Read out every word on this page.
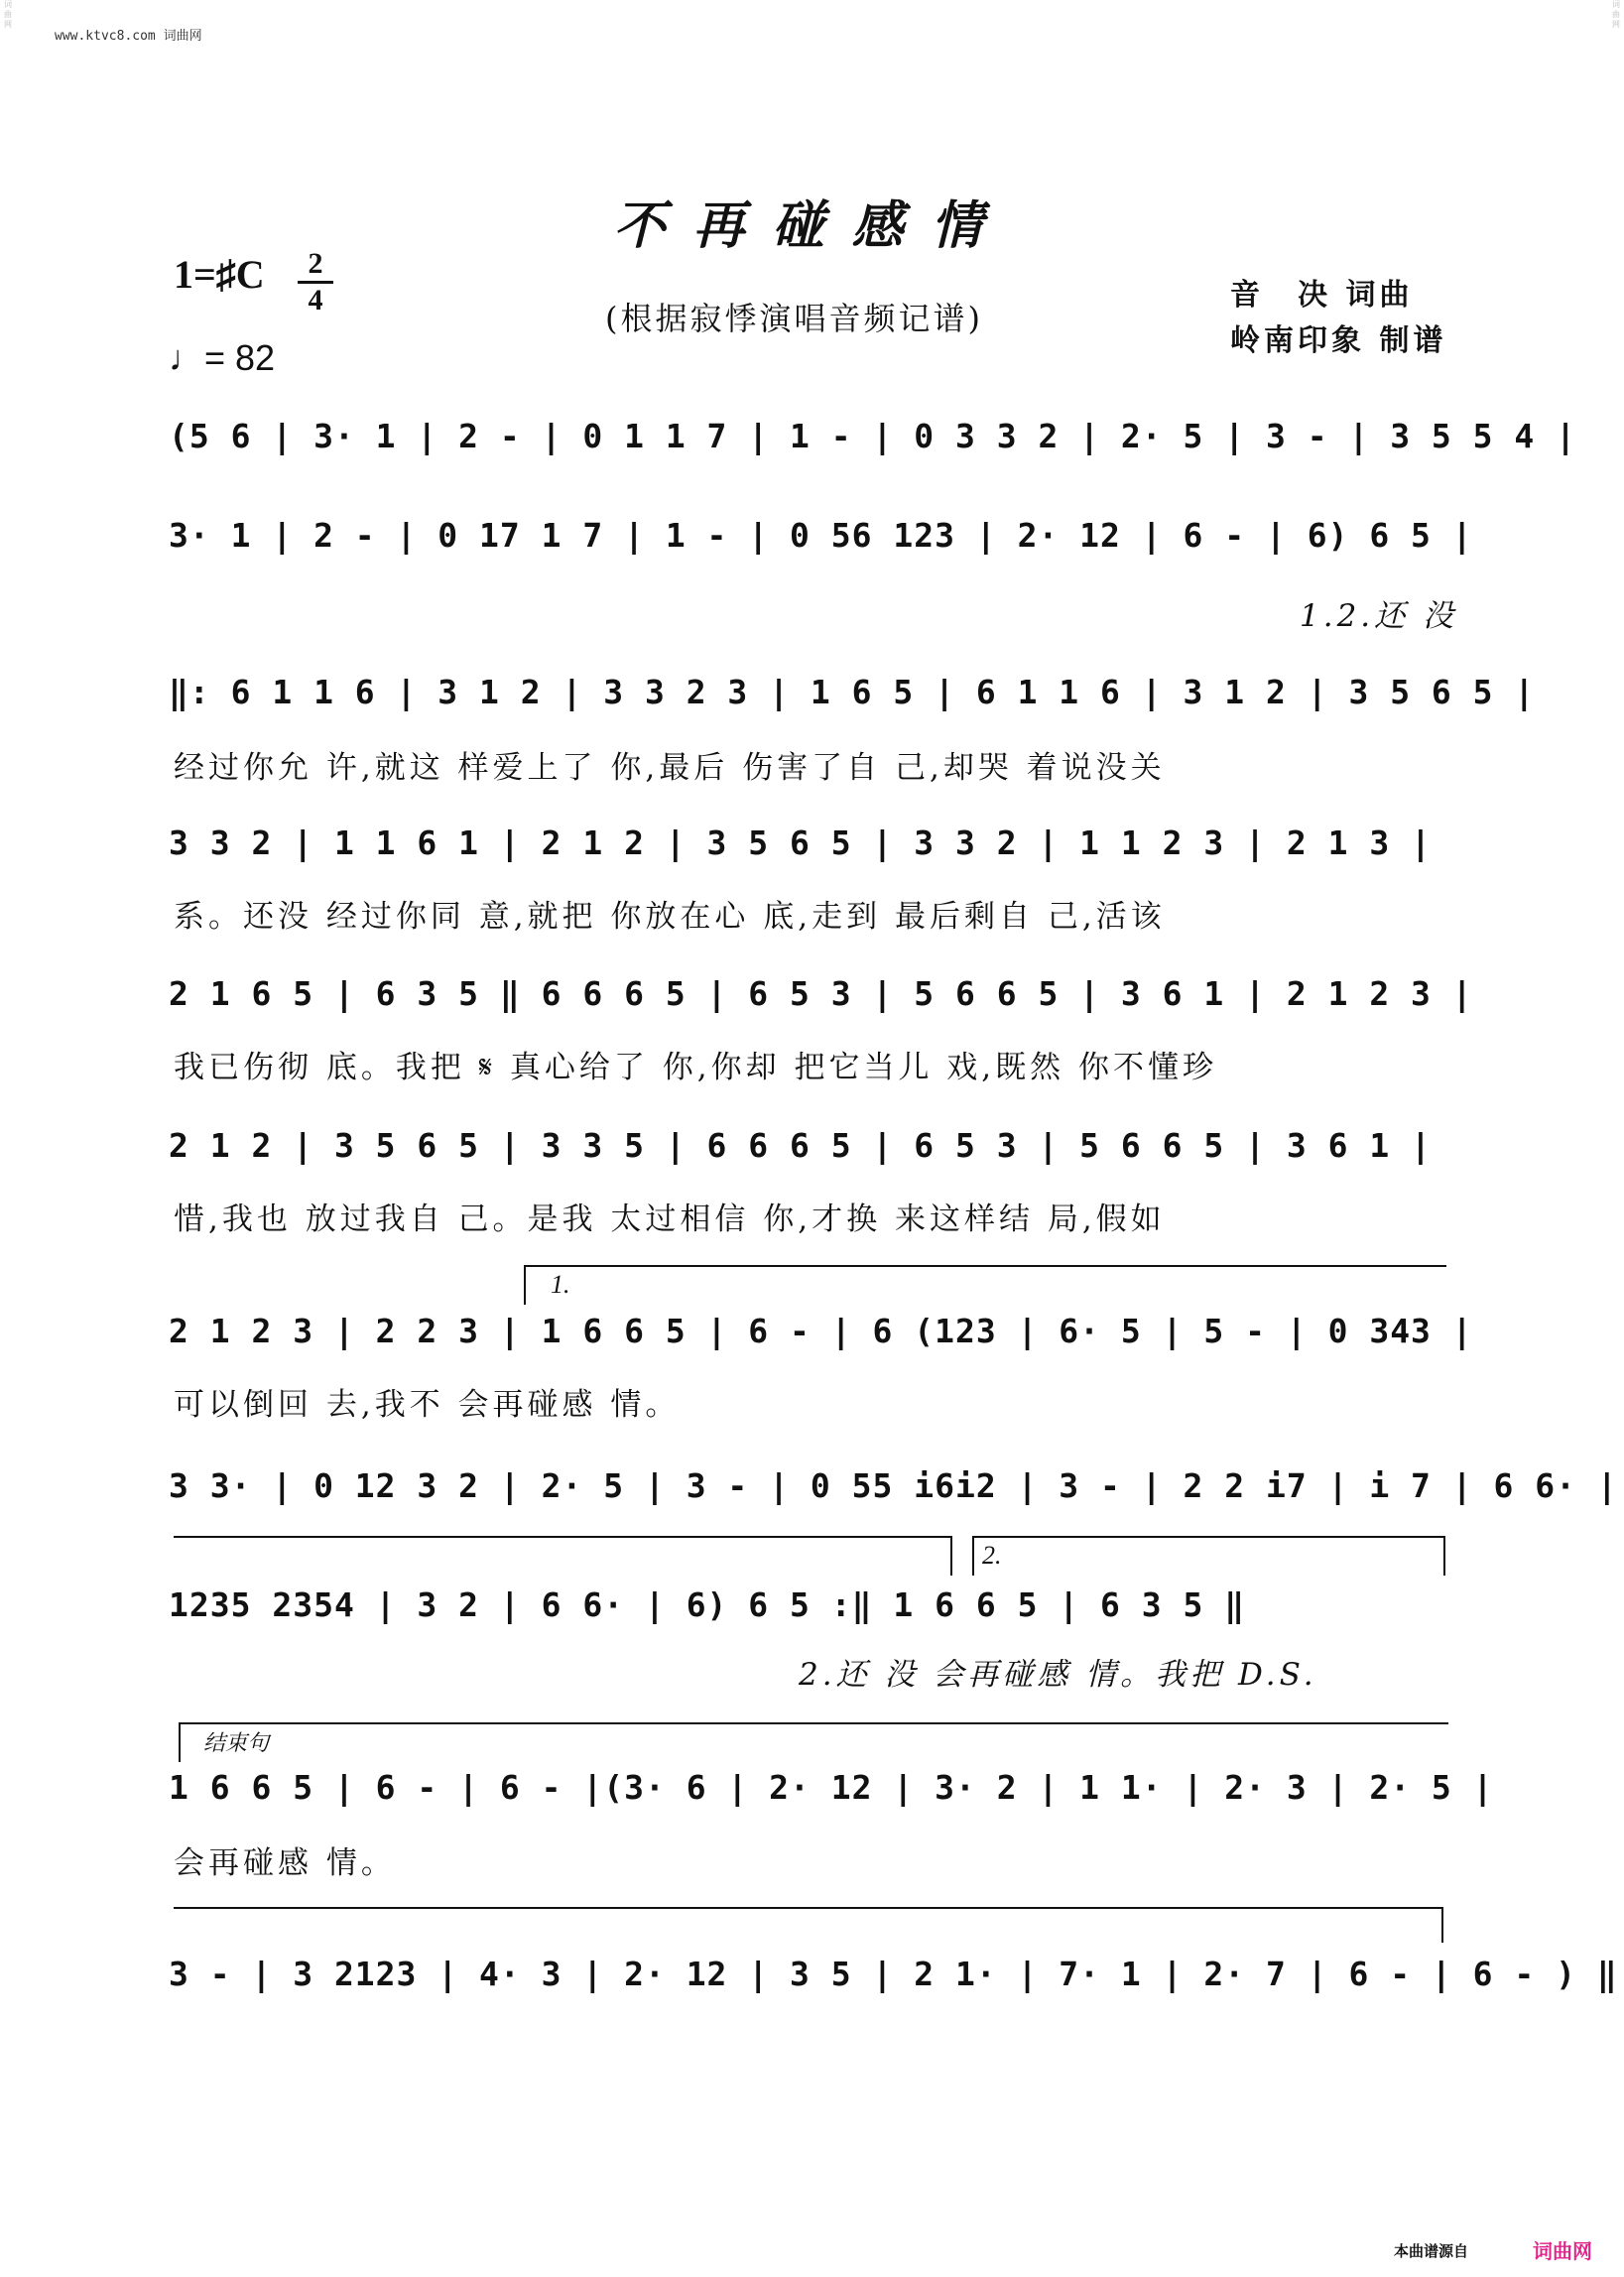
www.ktvc8.com 词曲网
词曲网
词曲网
不再碰感情
1=♯C	2
4
♩= 82
(根据寂悸演唱音频记谱)
音　决 词曲
岭南印象 制谱
(5 6 | 3· 1 | 2 - | 0 1 1 7 | 1 - | 0 3 3 2 | 2· 5 | 3 - | 3 5 5 4 |
3· 1 | 2 - | 0 17 1 7 | 1 - | 0 56 123 | 2· 12 | 6 - | 6) 6 5 |
1.2.还 没
‖: 6 1 1 6 | 3 1 2 | 3 3 2 3 | 1 6 5 | 6 1 1 6 | 3 1 2 | 3 5 6 5 |
经过你允 许,就这 样爱上了 你,最后 伤害了自 己,却哭 着说没关
3 3 2 | 1 1 6 1 | 2 1 2 | 3 5 6 5 | 3 3 2 | 1 1 2 3 | 2 1 3 |
系。还没 经过你同 意,就把 你放在心 底,走到 最后剩自 己,活该
2 1 6 5 | 6 3 5 ‖ 6 6 6 5 | 6 5 3 | 5 6 6 5 | 3 6 1 | 2 1 2 3 |
我已伤彻 底。我把 𝄋 真心给了 你,你却 把它当儿 戏,既然 你不懂珍
2 1 2 | 3 5 6 5 | 3 3 5 | 6 6 6 5 | 6 5 3 | 5 6 6 5 | 3 6 1 |
惜,我也 放过我自 己。是我 太过相信 你,才换 来这样结 局,假如
1.
2 1 2 3 | 2 2 3 | 1 6 6 5 | 6 - | 6 (123 | 6· 5 | 5 - | 0 343 |
可以倒回 去,我不 会再碰感 情。
3 3· | 0 12 3 2 | 2· 5 | 3 - | 0 55 i6i2 | 3 - | 2 2 i7 | i 7 | 6 6· |
2.
1235 2354 | 3 2 | 6 6· | 6) 6 5 :‖ 1 6 6 5 | 6 3 5 ‖
2.还 没 会再碰感 情。我把 D.S.
结束句
1 6 6 5 | 6 - | 6 - |(3· 6 | 2· 12 | 3· 2 | 1 1· | 2· 3 | 2· 5 |
会再碰感 情。
3 - | 3 2123 | 4· 3 | 2· 12 | 3 5 | 2 1· | 7· 1 | 2· 7 | 6 - | 6 - ) ‖
本曲谱源自	词曲网
